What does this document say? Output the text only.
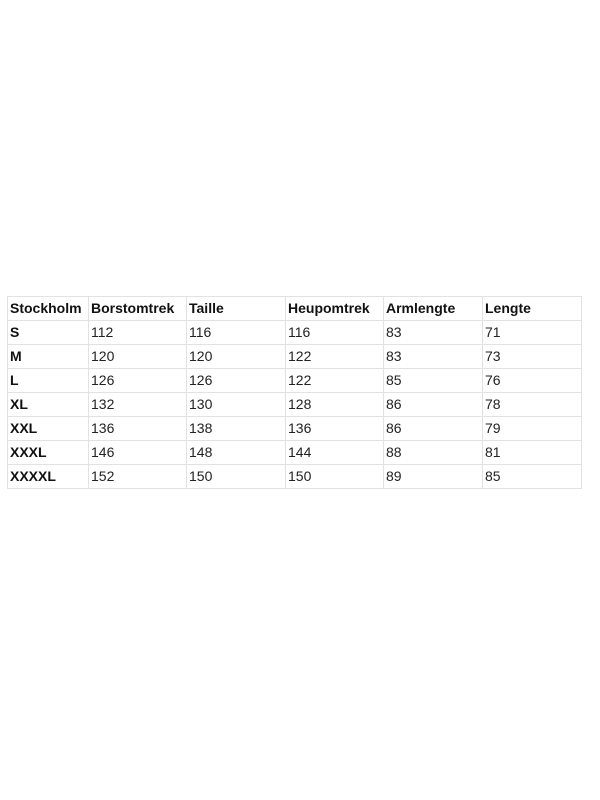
Stockholm	Borstomtrek	Taille	Heupomtrek	Armlengte	Lengte
S	112	116	116	83	71
M	120	120	122	83	73
L	126	126	122	85	76
XL	132	130	128	86	78
XXL	136	138	136	86	79
XXXL	146	148	144	88	81
XXXXL	152	150	150	89	85
